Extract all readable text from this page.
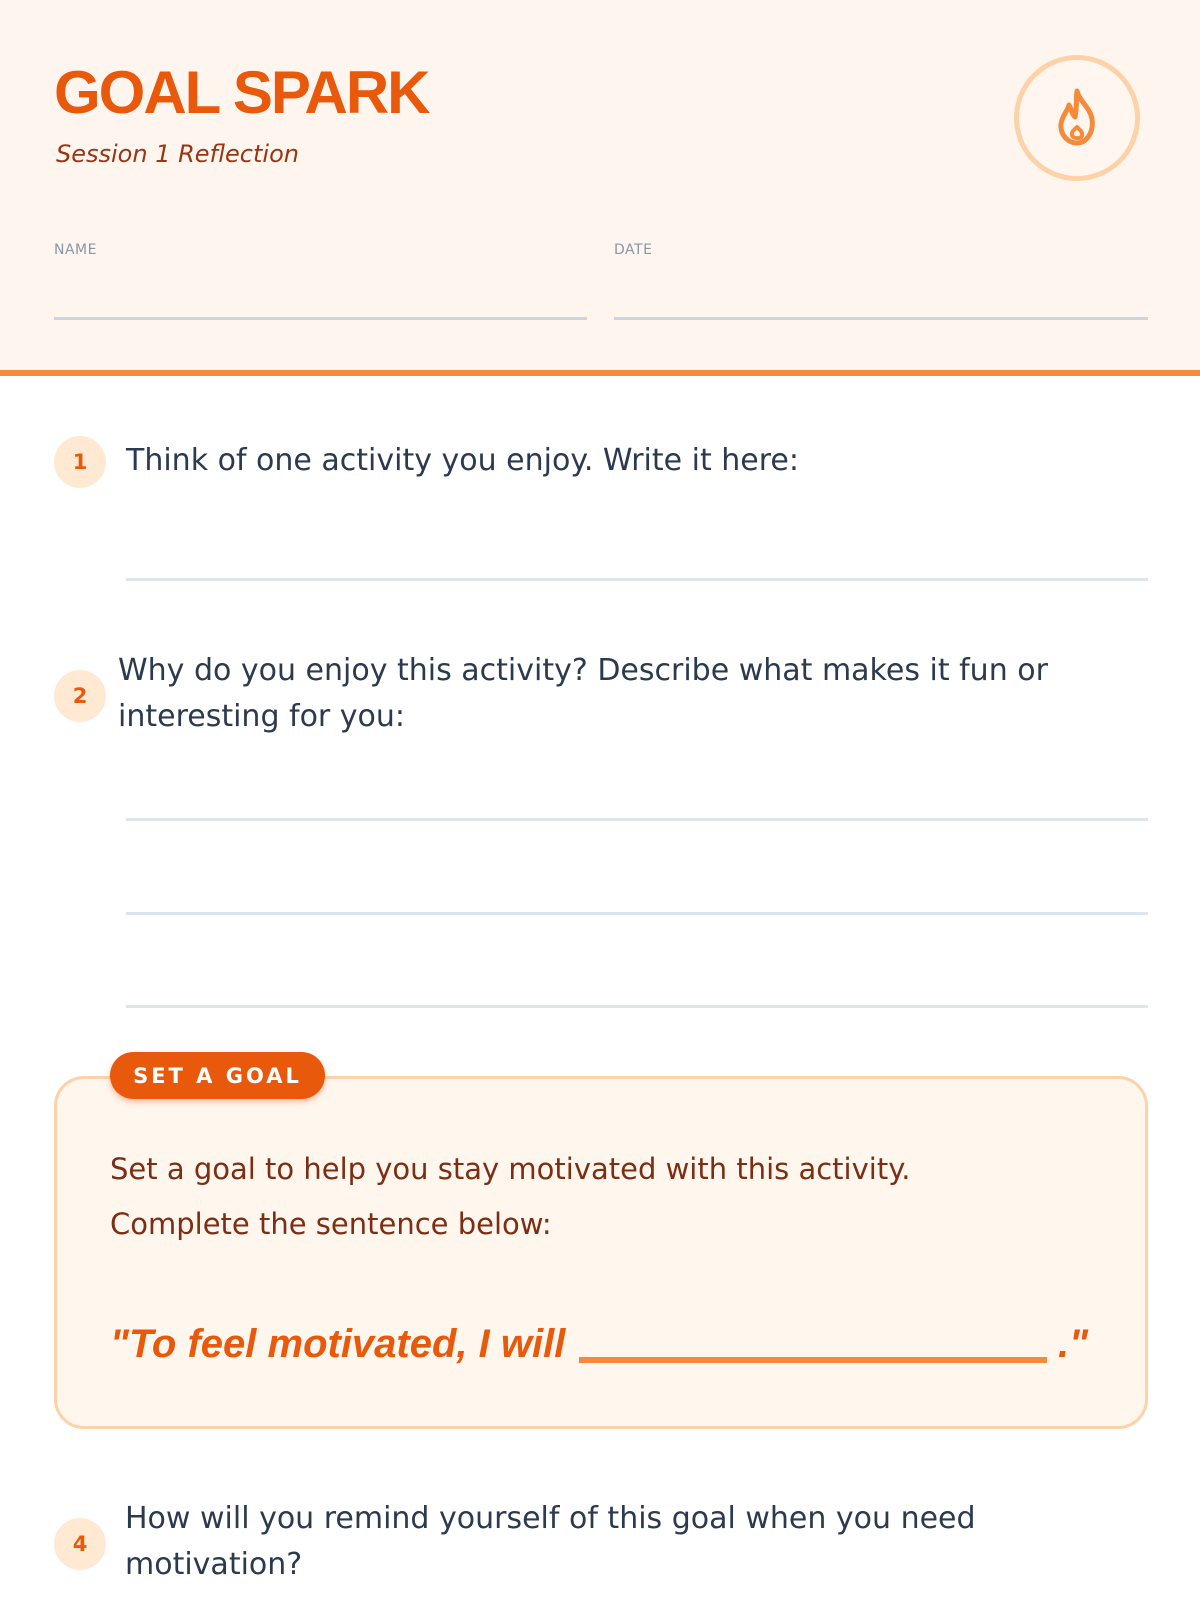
GOAL SPARK
Session 1 Reflection
NAME	DATE
1	Think of one activity you enjoy. Write it here:

2

Why do you enjoy this activity? Describe what makes it fun or

interesting for you:

SET A GOAL

Set a goal to help you stay motivated with this activity.

Complete the sentence below:

"To feel motivated, I will	."
4

How will you remind yourself of this goal when you need

motivation?
